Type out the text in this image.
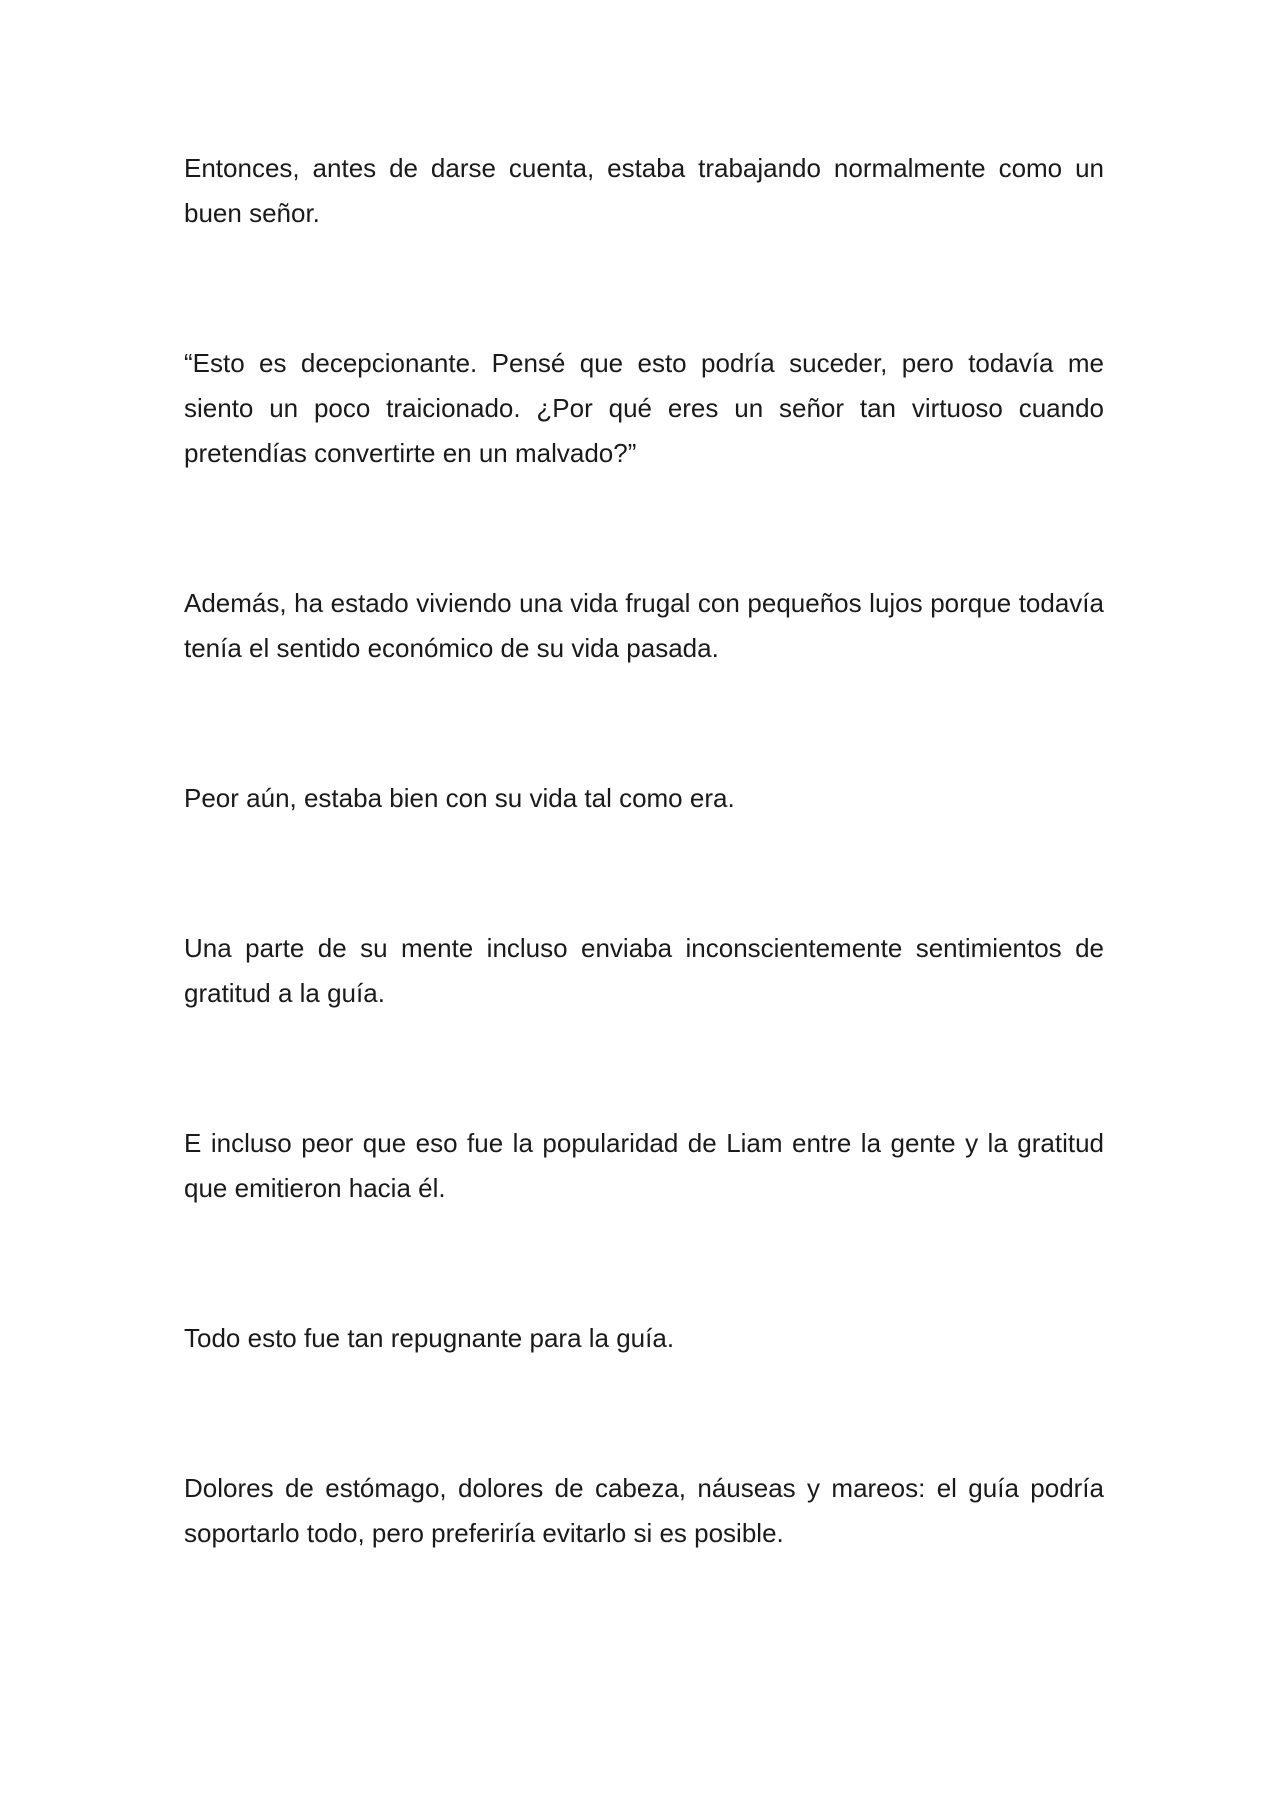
Entonces, antes de darse cuenta, estaba trabajando normalmente como un buen señor.

“Esto es decepcionante. Pensé que esto podría suceder, pero todavía me siento un poco traicionado. ¿Por qué eres un señor tan virtuoso cuando pretendías convertirte en un malvado?”

Además, ha estado viviendo una vida frugal con pequeños lujos porque todavía tenía el sentido económico de su vida pasada.

Peor aún, estaba bien con su vida tal como era.

Una parte de su mente incluso enviaba inconscientemente sentimientos de gratitud a la guía.

E incluso peor que eso fue la popularidad de Liam entre la gente y la gratitud que emitieron hacia él.

Todo esto fue tan repugnante para la guía.

Dolores de estómago, dolores de cabeza, náuseas y mareos: el guía podría soportarlo todo, pero preferiría evitarlo si es posible.
